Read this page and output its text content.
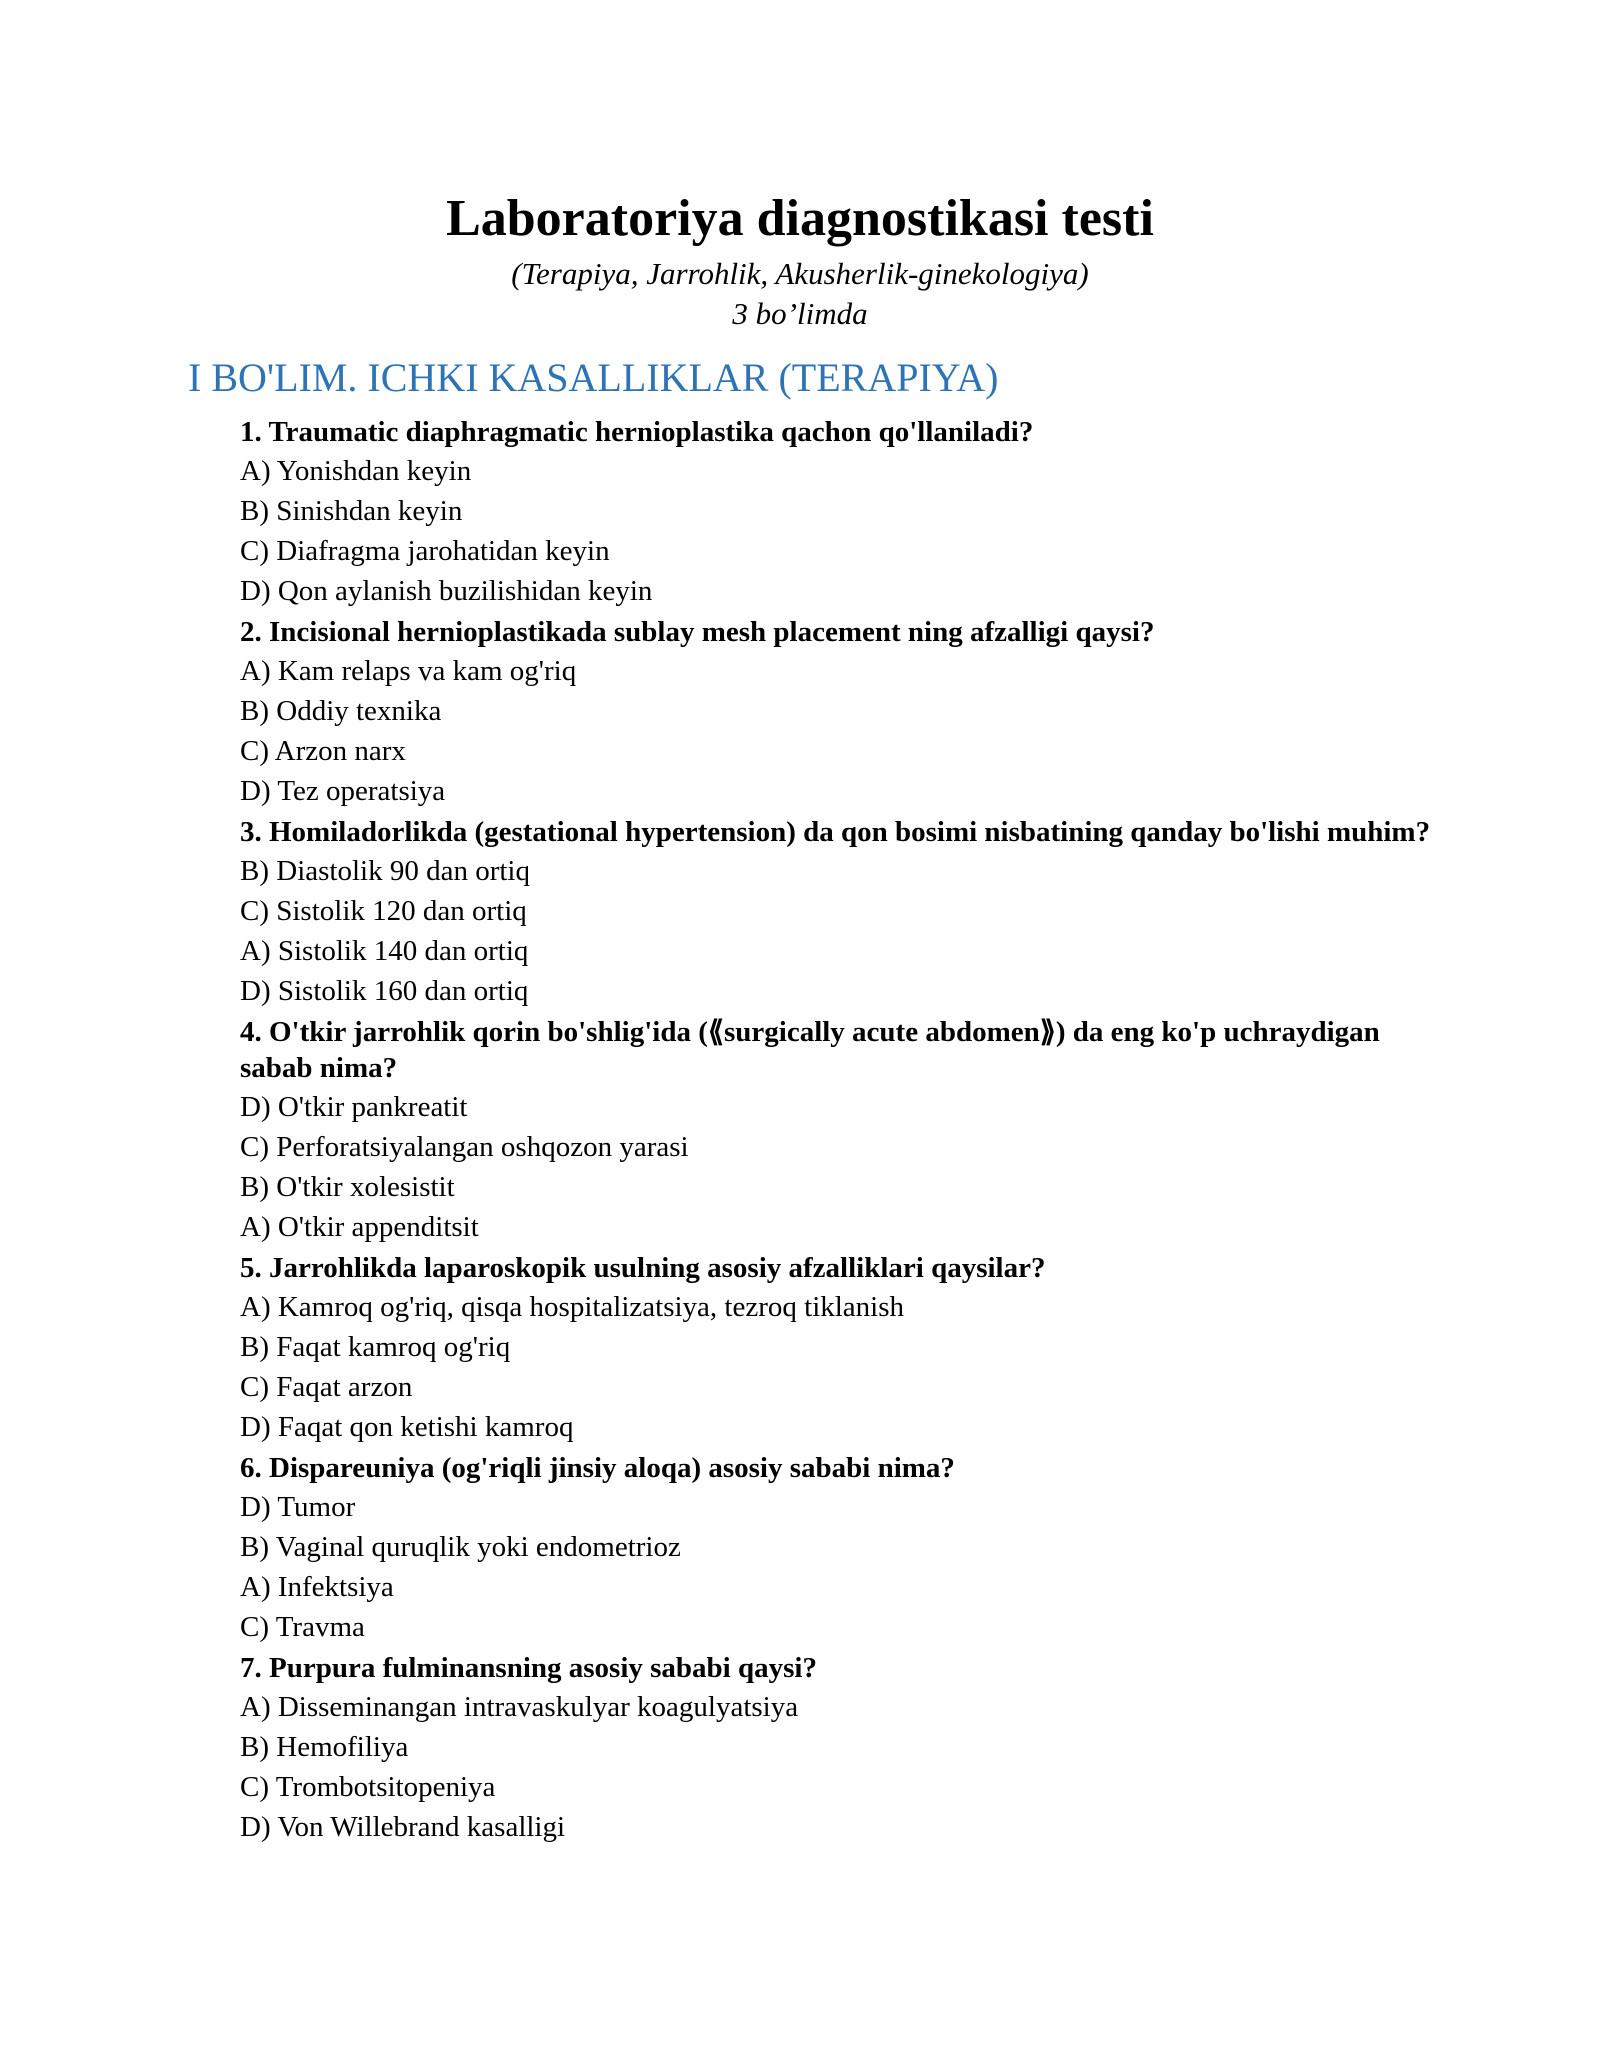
Laboratoriya diagnostikasi testi

(Terapiya, Jarrohlik, Akusherlik-ginekologiya)

3 bo’limda

I BO'LIM. ICHKI KASALLIKLAR (TERAPIYA)

1. Traumatic diaphragmatic hernioplastika qachon qo'llaniladi?

A) Yonishdan keyin

B) Sinishdan keyin

C) Diafragma jarohatidan keyin

D) Qon aylanish buzilishidan keyin

2. Incisional hernioplastikada sublay mesh placement ning afzalligi qaysi?

A) Kam relaps va kam og'riq

B) Oddiy texnika

C) Arzon narx

D) Tez operatsiya

3. Homiladorlikda (gestational hypertension) da qon bosimi nisbatining qanday bo'lishi muhim?

B) Diastolik 90 dan ortiq

C) Sistolik 120 dan ortiq

A) Sistolik 140 dan ortiq

D) Sistolik 160 dan ortiq

4. O'tkir jarrohlik qorin bo'shlig'ida (⟪surgically acute abdomen⟫) da eng ko'p uchraydigan sabab nima?

D) O'tkir pankreatit

C) Perforatsiyalangan oshqozon yarasi

B) O'tkir xolesistit

A) O'tkir appenditsit

5. Jarrohlikda laparoskopik usulning asosiy afzalliklari qaysilar?

A) Kamroq og'riq, qisqa hospitalizatsiya, tezroq tiklanish

B) Faqat kamroq og'riq

C) Faqat arzon

D) Faqat qon ketishi kamroq

6. Dispareuniya (og'riqli jinsiy aloqa) asosiy sababi nima?

D) Tumor

B) Vaginal quruqlik yoki endometrioz

A) Infektsiya

C) Travma

7. Purpura fulminansning asosiy sababi qaysi?

A) Disseminangan intravaskulyar koagulyatsiya

B) Hemofiliya

C) Trombotsitopeniya

D) Von Willebrand kasalligi
